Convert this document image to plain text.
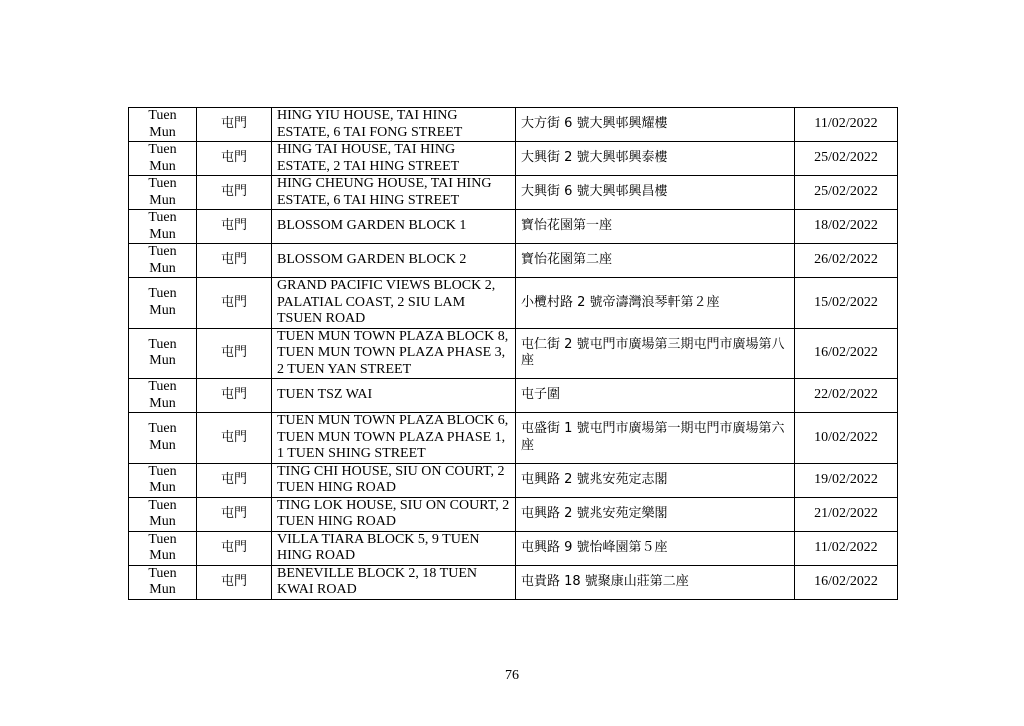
Tuen Mun	屯門	HING YIU HOUSE, TAI HING ESTATE, 6 TAI FONG STREET	大方街 6 號大興邨興耀樓	11/02/2022
Tuen Mun	屯門	HING TAI HOUSE, TAI HING ESTATE, 2 TAI HING STREET	大興街 2 號大興邨興泰樓	25/02/2022
Tuen Mun	屯門	HING CHEUNG HOUSE, TAI HING ESTATE, 6 TAI HING STREET	大興街 6 號大興邨興昌樓	25/02/2022
Tuen Mun	屯門	BLOSSOM GARDEN BLOCK 1	寶怡花園第一座	18/02/2022
Tuen Mun	屯門	BLOSSOM GARDEN BLOCK 2	寶怡花園第二座	26/02/2022
Tuen Mun	屯門	GRAND PACIFIC VIEWS BLOCK 2, PALATIAL COAST, 2 SIU LAM TSUEN ROAD	小欖村路 2 號帝濤灣浪琴軒第２座	15/02/2022
Tuen Mun	屯門	TUEN MUN TOWN PLAZA BLOCK 8, TUEN MUN TOWN PLAZA PHASE 3, 2 TUEN YAN STREET	屯仁街 2 號屯門市廣場第三期屯門市廣場第八座	16/02/2022
Tuen Mun	屯門	TUEN TSZ WAI	屯子圍	22/02/2022
Tuen Mun	屯門	TUEN MUN TOWN PLAZA BLOCK 6, TUEN MUN TOWN PLAZA PHASE 1, 1 TUEN SHING STREET	屯盛街 1 號屯門市廣場第一期屯門市廣場第六座	10/02/2022
Tuen Mun	屯門	TING CHI HOUSE, SIU ON COURT, 2 TUEN HING ROAD	屯興路 2 號兆安苑定志閣	19/02/2022
Tuen Mun	屯門	TING LOK HOUSE, SIU ON COURT, 2 TUEN HING ROAD	屯興路 2 號兆安苑定樂閣	21/02/2022
Tuen Mun	屯門	VILLA TIARA BLOCK 5, 9 TUEN HING ROAD	屯興路 9 號怡峰園第５座	11/02/2022
Tuen Mun	屯門	BENEVILLE BLOCK 2, 18 TUEN KWAI ROAD	屯貴路 18 號聚康山莊第二座	16/02/2022
76
